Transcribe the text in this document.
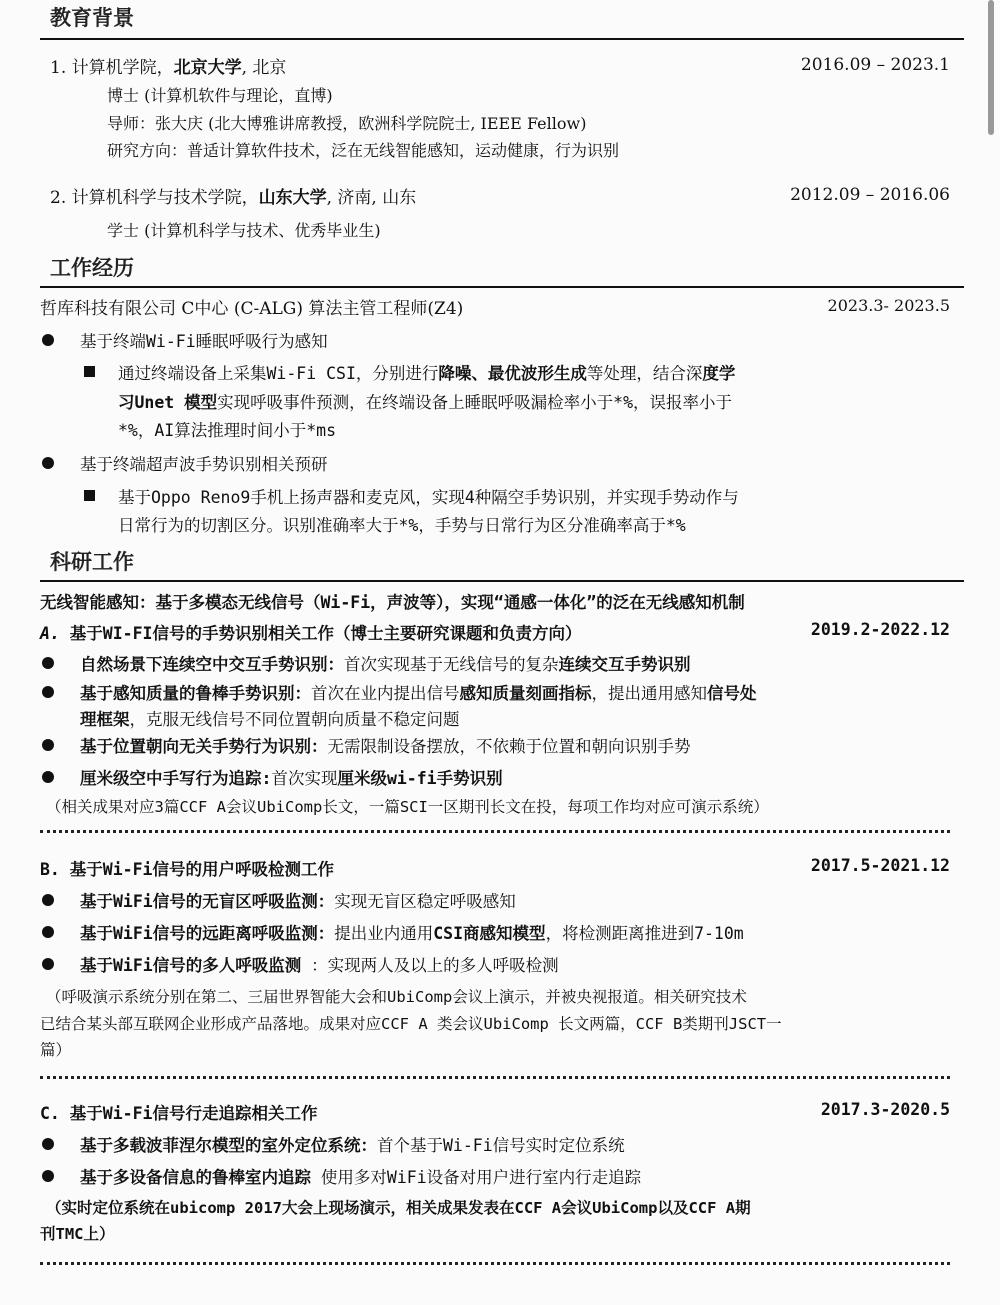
教育背景
1. 计算机学院，北京大学, 北京	2016.09 – 2023.1
博士 (计算机软件与理论，直博)
导师：张大庆 (北大博雅讲席教授，欧洲科学院院士, IEEE Fellow)
研究方向：普适计算软件技术，泛在无线智能感知，运动健康，行为识别
2. 计算机科学与技术学院，山东大学, 济南, 山东	2012.09 – 2016.06
学士 (计算机科学与技术、优秀毕业生)
工作经历
哲库科技有限公司 C中心 (C-ALG) 算法主管工程师(Z4)	2023.3- 2023.5
基于终端Wi-Fi睡眠呼吸行为感知
通过终端设备上采集Wi-Fi CSI，分别进行降噪、最优波形生成等处理，结合深度学
习Unet 模型实现呼吸事件预测，在终端设备上睡眠呼吸漏检率小于*%，误报率小于
*%，AI算法推理时间小于*ms
基于终端超声波手势识别相关预研
基于Oppo Reno9手机上扬声器和麦克风，实现4种隔空手势识别，并实现手势动作与
日常行为的切割区分。识别准确率大于*%，手势与日常行为区分准确率高于*%
科研工作
无线智能感知：基于多模态无线信号（Wi-Fi，声波等），实现“通感一体化”的泛在无线感知机制
A. 基于WI-FI信号的手势识别相关工作（博士主要研究课题和负责方向）	2019.2-2022.12
自然场景下连续空中交互手势识别：首次实现基于无线信号的复杂连续交互手势识别
基于感知质量的鲁棒手势识别：首次在业内提出信号感知质量刻画指标，提出通用感知信号处
理框架，克服无线信号不同位置朝向质量不稳定问题
基于位置朝向无关手势行为识别：无需限制设备摆放，不依赖于位置和朝向识别手势
厘米级空中手写行为追踪:首次实现厘米级wi-fi手势识别
（相关成果对应3篇CCF A会议UbiComp长文，一篇SCI一区期刊长文在投，每项工作均对应可演示系统）
B. 基于Wi-Fi信号的用户呼吸检测工作	2017.5-2021.12
基于WiFi信号的无盲区呼吸监测：实现无盲区稳定呼吸感知
基于WiFi信号的远距离呼吸监测：提出业内通用CSI商感知模型，将检测距离推进到7-10m
基于WiFi信号的多人呼吸监测 ：实现两人及以上的多人呼吸检测
（呼吸演示系统分别在第二、三届世界智能大会和UbiComp会议上演示，并被央视报道。相关研究技术
已结合某头部互联网企业形成产品落地。成果对应CCF A 类会议UbiComp 长文两篇，CCF B类期刊JSCT一
篇）
C. 基于Wi-Fi信号行走追踪相关工作	2017.3-2020.5
基于多载波菲涅尔模型的室外定位系统：首个基于Wi-Fi信号实时定位系统
基于多设备信息的鲁棒室内追踪 使用多对WiFi设备对用户进行室内行走追踪
（实时定位系统在ubicomp 2017大会上现场演示，相关成果发表在CCF A会议UbiComp以及CCF A期
刊TMC上）
